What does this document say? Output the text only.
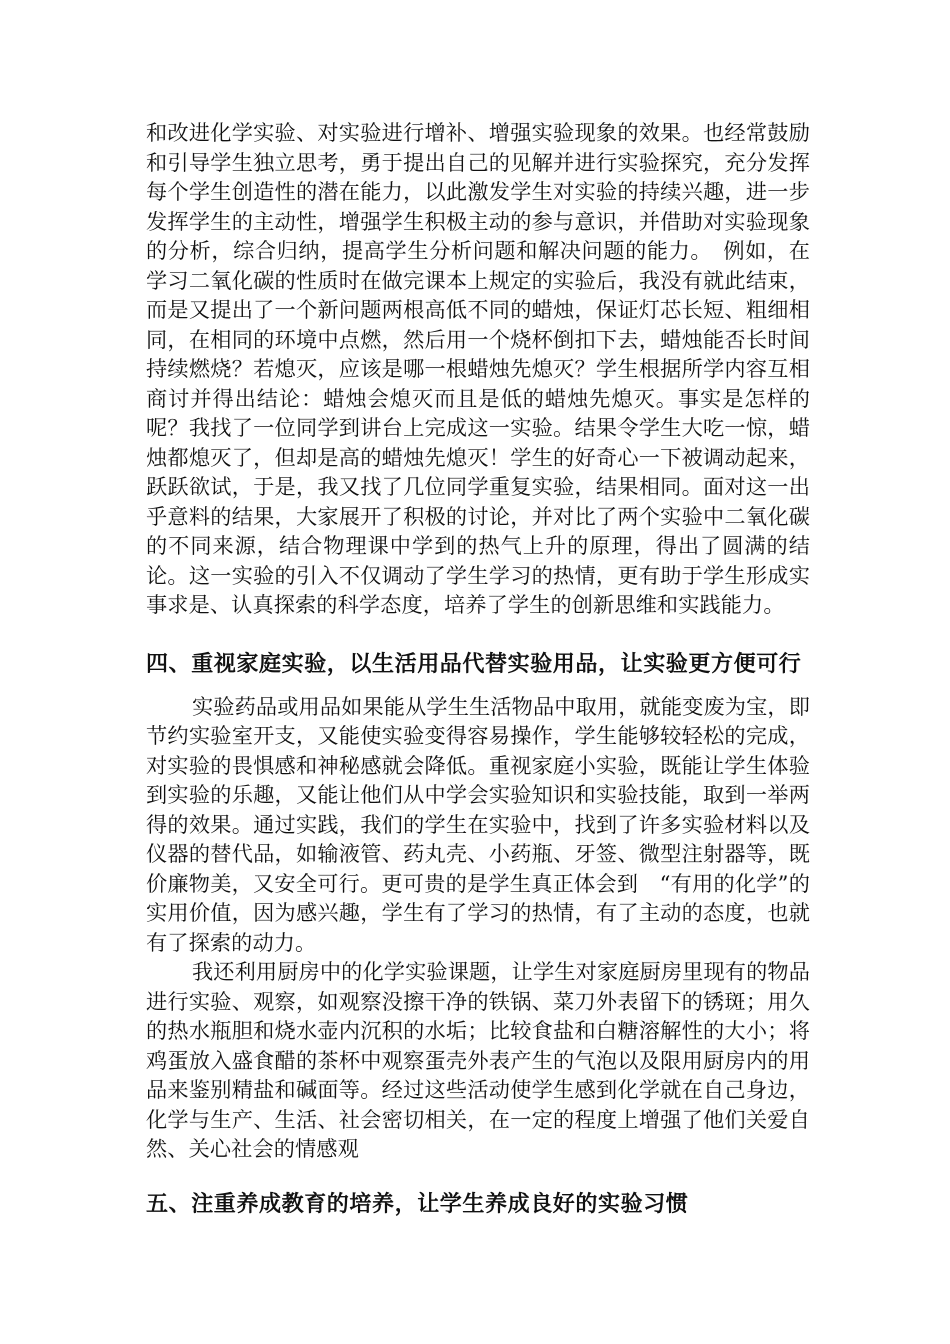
和改进化学实验、对实验进行增补、增强实验现象的效果。也经常鼓励和引导学生独立思考，勇于提出自己的见解并进行实验探究，充分发挥每个学生创造性的潜在能力，以此激发学生对实验的持续兴趣，进一步发挥学生的主动性，增强学生积极主动的参与意识，并借助对实验现象的分析，综合归纳，提高学生分析问题和解决问题的能力。　例如，在学习二氧化碳的性质时在做完课本上规定的实验后，我没有就此结束，而是又提出了一个新问题两根高低不同的蜡烛，保证灯芯长短、粗细相同，在相同的环境中点燃，然后用一个烧杯倒扣下去，蜡烛能否长时间持续燃烧？若熄灭，应该是哪一根蜡烛先熄灭？学生根据所学内容互相商讨并得出结论：蜡烛会熄灭而且是低的蜡烛先熄灭。事实是怎样的呢？我找了一位同学到讲台上完成这一实验。结果令学生大吃一惊，蜡烛都熄灭了，但却是高的蜡烛先熄灭！学生的好奇心一下被调动起来，跃跃欲试，于是，我又找了几位同学重复实验，结果相同。面对这一出乎意料的结果，大家展开了积极的讨论，并对比了两个实验中二氧化碳的不同来源，结合物理课中学到的热气上升的原理，得出了圆满的结论。这一实验的引入不仅调动了学生学习的热情，更有助于学生形成实事求是、认真探索的科学态度，培养了学生的创新思维和实践能力。

四、重视家庭实验，以生活用品代替实验用品，让实验更方便可行

实验药品或用品如果能从学生生活物品中取用，就能变废为宝，即节约实验室开支，又能使实验变得容易操作，学生能够较轻松的完成，对实验的畏惧感和神秘感就会降低。重视家庭小实验，既能让学生体验到实验的乐趣，又能让他们从中学会实验知识和实验技能，取到一举两得的效果。通过实践，我们的学生在实验中，找到了许多实验材料以及仪器的替代品，如输液管、药丸壳、小药瓶、牙签、微型注射器等，既价廉物美，又安全可行。更可贵的是学生真正体会到　“有用的化学”的实用价值，因为感兴趣，学生有了学习的热情，有了主动的态度，也就有了探索的动力。

我还利用厨房中的化学实验课题，让学生对家庭厨房里现有的物品进行实验、观察，如观察没擦干净的铁锅、菜刀外表留下的锈斑；用久的热水瓶胆和烧水壶内沉积的水垢；比较食盐和白糖溶解性的大小；将鸡蛋放入盛食醋的茶杯中观察蛋壳外表产生的气泡以及限用厨房内的用品来鉴别精盐和碱面等。经过这些活动使学生感到化学就在自己身边，化学与生产、生活、社会密切相关，在一定的程度上增强了他们关爱自然、关心社会的情感观

五、注重养成教育的培养，让学生养成良好的实验习惯
